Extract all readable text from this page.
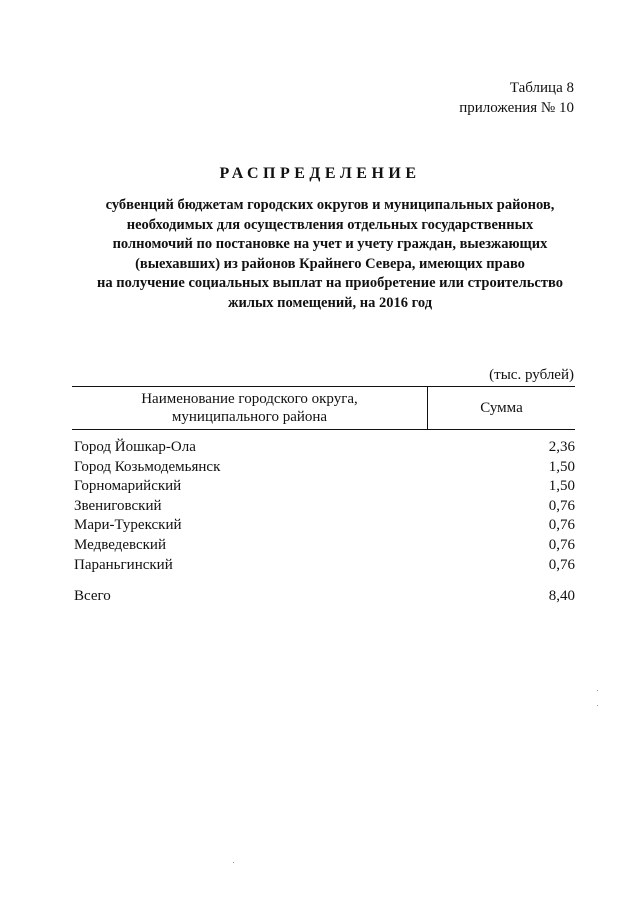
Таблица 8
приложения № 10
РАСПРЕДЕЛЕНИЕ
субвенций бюджетам городских округов и муниципальных районов,
необходимых для осуществления отдельных государственных
полномочий по постановке на учет и учету граждан, выезжающих
(выехавших) из районов Крайнего Севера, имеющих право
на получение социальных выплат на приобретение или строительство
жилых помещений, на 2016 год
(тыс. рублей)
Наименование городского округа,
муниципального района
Сумма
Город Йошкар-Ола	2,36
Город Козьмодемьянск	1,50
Горномарийский	1,50
Звениговский	0,76
Мари-Турекский	0,76
Медведевский	0,76
Параньгинский	0,76
Всего	8,40
